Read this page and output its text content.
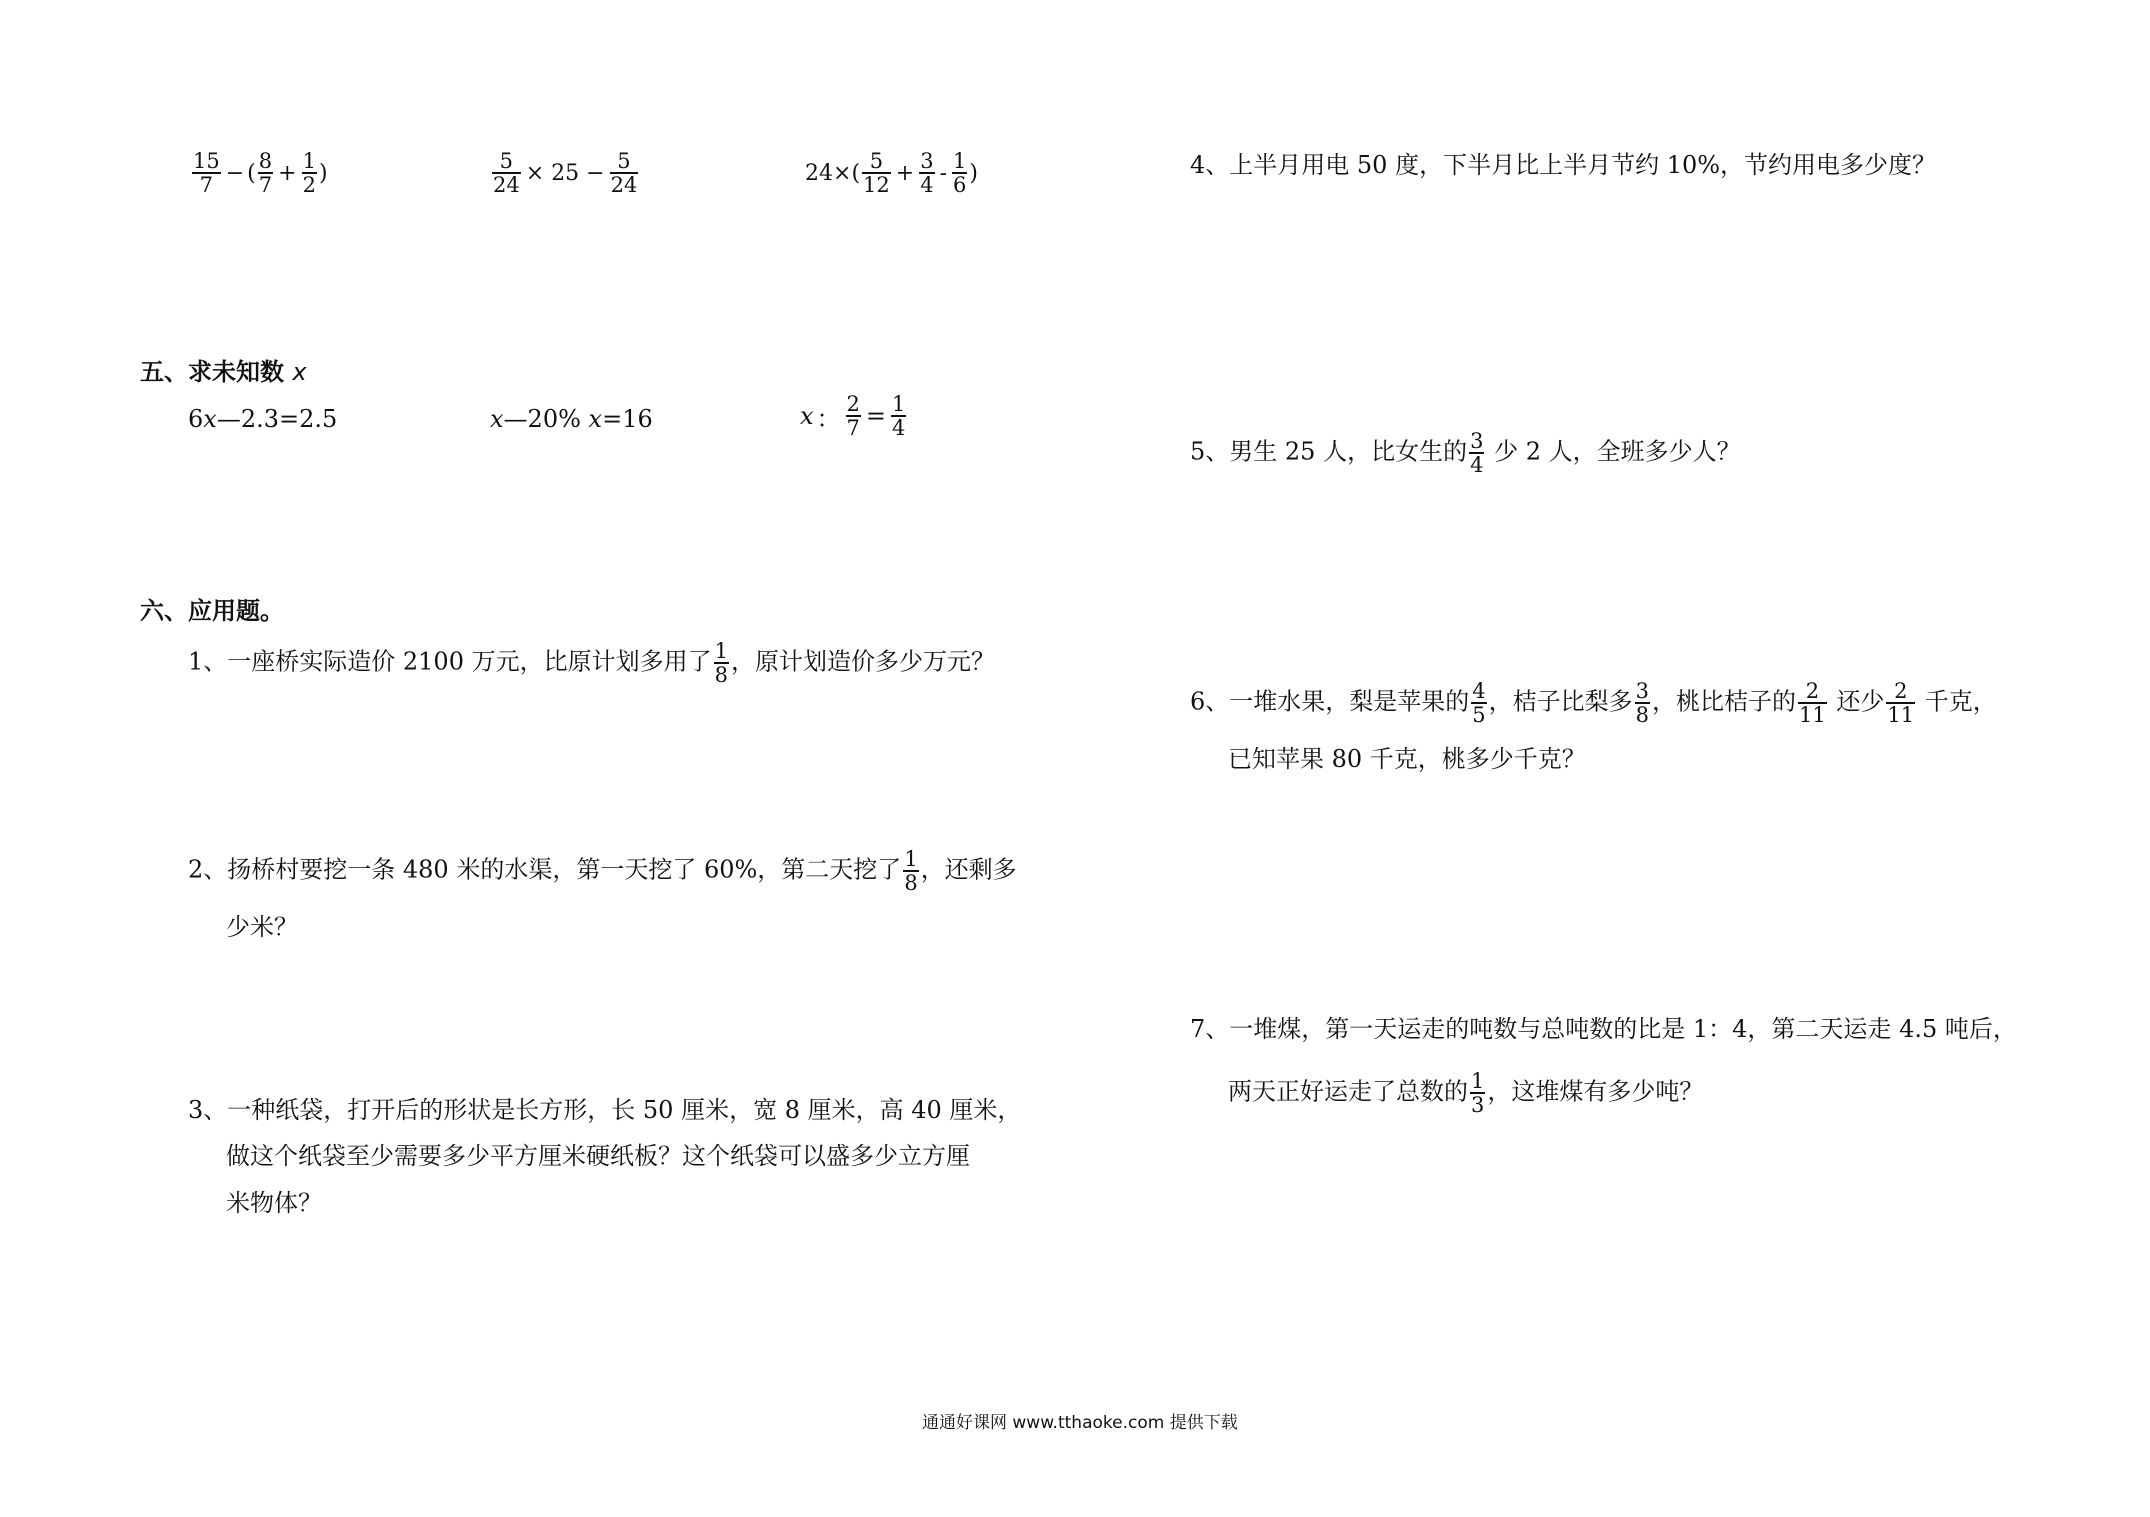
$\frac{15}{7}$ − ( $\frac{8}{7} + \frac{1}{2}$ )	$\frac{5}{24} \times 25 - \frac{5}{24}$	24× ( $\frac{5}{12} + \frac{3}{4} - \frac{1}{6}$ )
五、求未知数 x
6x—2.3=2.5	x—20% x=16	x ： $\frac{2}{7} = \frac{1}{4}$
六、应用题。
1、一座桥实际造价 2100 万元，比原计划多用了 $\frac{1}{8}$ ，原计划造价多少万元？
2、扬桥村要挖一条 480 米的水渠，第一天挖了 60%，第二天挖了 $\frac{1}{8}$ ，还剩多
少米？
3、一种纸袋，打开后的形状是长方形，长 50 厘米，宽 8 厘米，高 40 厘米，
做这个纸袋至少需要多少平方厘米硬纸板？这个纸袋可以盛多少立方厘
米物体？
4、上半月用电 50 度，下半月比上半月节约 10%，节约用电多少度？
5、男生 25 人，比女生的 $\frac{3}{4}$ 少 2 人，全班多少人？
6、一堆水果，梨是苹果的 $\frac{4}{5}$ ，桔子比梨多 $\frac{3}{8}$ ，桃比桔子的 $\frac{2}{11}$ 还少 $\frac{2}{11}$ 千克，
已知苹果 80 千克，桃多少千克？
7、一堆煤，第一天运走的吨数与总吨数的比是 1：4，第二天运走 4.5 吨后，
两天正好运走了总数的 $\frac{1}{3}$ ，这堆煤有多少吨？
通通好课网 www.tthaoke.com 提供下载
